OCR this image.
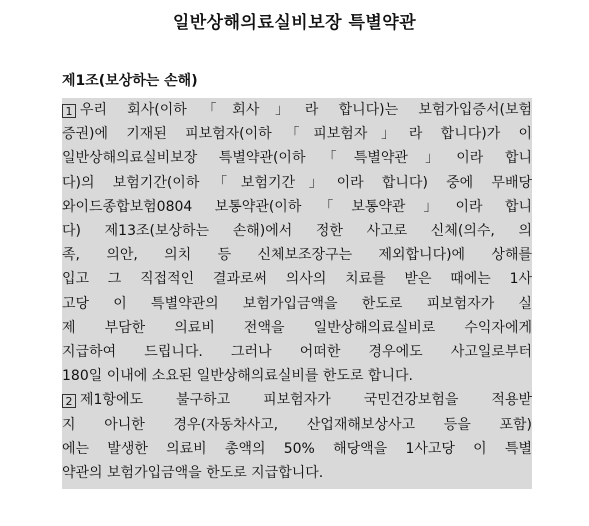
일반상해의료실비보장 특별약관
제1조(보상하는 손해)
1 우리 회사(이하「회사」라 합니다)는 보험가입증서(보험
증권)에 기재된 피보험자(이하「피보험자」라 합니다)가 이
일반상해의료실비보장 특별약관(이하「특별약관」이라 합니
다)의 보험기간(이하「보험기간」이라 합니다) 중에 무배당
와이드종합보험0804 보통약관(이하「보통약관」이라 합니
다) 제13조(보상하는 손해)에서 정한 사고로 신체(의수, 의
족, 의안, 의치 등 신체보조장구는 제외합니다)에 상해를
입고 그 직접적인 결과로써 의사의 치료를 받은 때에는 1사
고당 이 특별약관의 보험가입금액을 한도로 피보험자가 실
제 부담한 의료비 전액을 일반상해의료실비로 수익자에게
지급하여 드립니다. 그러나 어떠한 경우에도 사고일로부터
180일 이내에 소요된 일반상해의료실비를 한도로 합니다.
2 제1항에도 불구하고 피보험자가 국민건강보험을 적용받
지 아니한 경우(자동차사고, 산업재해보상사고 등을 포함)
에는 발생한 의료비 총액의 50% 해당액을 1사고당 이 특별
약관의 보험가입금액을 한도로 지급합니다.
